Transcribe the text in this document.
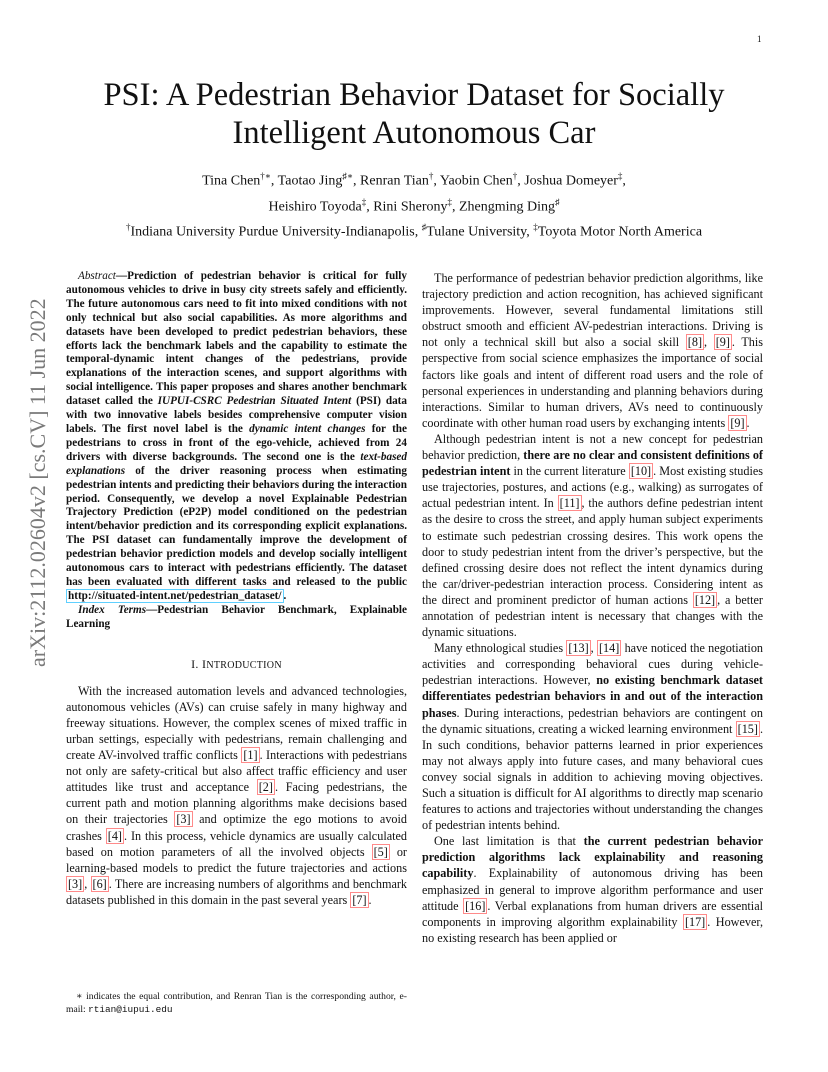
1
arXiv:2112.02604v2 [cs.CV] 11 Jun 2022
PSI: A Pedestrian Behavior Dataset for Socially Intelligent Autonomous Car
Tina Chen†∗, Taotao Jing♯∗, Renran Tian†, Yaobin Chen†, Joshua Domeyer‡,
Heishiro Toyoda‡, Rini Sherony‡, Zhengming Ding♯
†Indiana University Purdue University-Indianapolis, ♯Tulane University, ‡Toyota Motor North America

Abstract—Prediction of pedestrian behavior is critical for fully autonomous vehicles to drive in busy city streets safely and efficiently. The future autonomous cars need to fit into mixed conditions with not only technical but also social capabilities. As more algorithms and datasets have been developed to predict pedestrian behaviors, these efforts lack the benchmark labels and the capability to estimate the temporal-dynamic intent changes of the pedestrians, provide explanations of the interaction scenes, and support algorithms with social intelligence. This paper proposes and shares another benchmark dataset called the IUPUI-CSRC Pedestrian Situated Intent (PSI) data with two innovative labels besides comprehensive computer vision labels. The first novel label is the dynamic intent changes for the pedestrians to cross in front of the ego-vehicle, achieved from 24 drivers with diverse backgrounds. The second one is the text-based explanations of the driver reasoning process when estimating pedestrian intents and predicting their behaviors during the interaction period. Consequently, we develop a novel Explainable Pedestrian Trajectory Prediction (eP2P) model conditioned on the pedestrian intent/behavior prediction and its corresponding explicit explanations. The PSI dataset can fundamentally improve the development of pedestrian behavior prediction models and develop socially intelligent autonomous cars to interact with pedestrians efficiently. The dataset has been evaluated with different tasks and released to the public http://situated-intent.net/pedestrian_dataset/ .

Index Terms—Pedestrian Behavior Benchmark, Explainable Learning

I. INTRODUCTION

With the increased automation levels and advanced technologies, autonomous vehicles (AVs) can cruise safely in many highway and freeway situations. However, the complex scenes of mixed traffic in urban settings, especially with pedestrians, remain challenging and create AV-involved traffic conflicts [1] . Interactions with pedestrians not only are safety-critical but also affect traffic efficiency and user attitudes like trust and acceptance [2] . Facing pedestrians, the current path and motion planning algorithms make decisions based on their trajectories [3] and optimize the ego motions to avoid crashes [4] . In this process, vehicle dynamics are usually calculated based on motion parameters of all the involved objects [5] or learning-based models to predict the future trajectories and actions [3] , [6] . There are increasing numbers of algorithms and benchmark datasets published in this domain in the past several years [7] .

∗ indicates the equal contribution, and Renran Tian is the corresponding author, e-mail: rtian@iupui.edu

The performance of pedestrian behavior prediction algorithms, like trajectory prediction and action recognition, has achieved significant improvements. However, several fundamental limitations still obstruct smooth and efficient AV-pedestrian interactions. Driving is not only a technical skill but also a social skill [8] , [9] . This perspective from social science emphasizes the importance of social factors like goals and intent of different road users and the role of personal experiences in understanding and planning behaviors during interactions. Similar to human drivers, AVs need to continuously coordinate with other human road users by exchanging intents [9] .

Although pedestrian intent is not a new concept for pedestrian behavior prediction, there are no clear and consistent definitions of pedestrian intent in the current literature [10] . Most existing studies use trajectories, postures, and actions (e.g., walking) as surrogates of actual pedestrian intent. In [11] , the authors define pedestrian intent as the desire to cross the street, and apply human subject experiments to estimate such pedestrian crossing desires. This work opens the door to study pedestrian intent from the driver’s perspective, but the defined crossing desire does not reflect the intent dynamics during the car/driver-pedestrian interaction process. Considering intent as the direct and prominent predictor of human actions [12] , a better annotation of pedestrian intent is necessary that changes with the dynamic situations.

Many ethnological studies [13] , [14] have noticed the negotiation activities and corresponding behavioral cues during vehicle-pedestrian interactions. However, no existing benchmark dataset differentiates pedestrian behaviors in and out of the interaction phases. During interactions, pedestrian behaviors are contingent on the dynamic situations, creating a wicked learning environment [15] . In such conditions, behavior patterns learned in prior experiences may not always apply into future cases, and many behavioral cues convey social signals in addition to achieving moving objectives. Such a situation is difficult for AI algorithms to directly map scenario features to actions and trajectories without understanding the changes of pedestrian intents behind.

One last limitation is that the current pedestrian behavior prediction algorithms lack explainability and reasoning capability. Explainability of autonomous driving has been emphasized in general to improve algorithm performance and user attitude [16] . Verbal explanations from human drivers are essential components in improving algorithm explainability [17] . However, no existing research has been applied or
